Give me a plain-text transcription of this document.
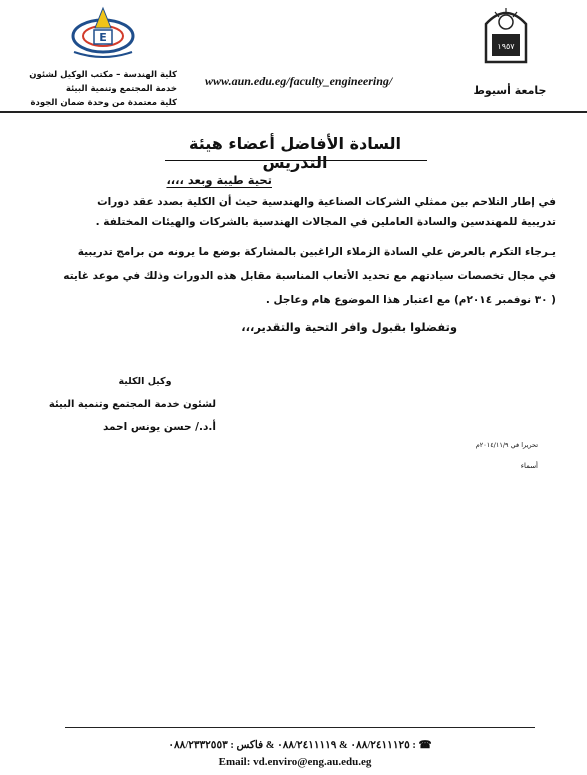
E
١٩٥٧
كلية الهندسة – مكتب الوكيل لشئون
خدمة المجتمع وتنمية البيئة
كلية معتمدة من وحدة ضمان الجودة
www.aun.edu.eg/faculty_engineering/
جامعة أسيوط
السادة الأفاضل أعضاء هيئة التدريس
تحية طيبة وبعد ،،،،
في إطار التلاحم بين ممثلي الشركات الصناعية والهندسية حيث أن الكلية بصدد عقد دورات
تدريبية للمهندسين والسادة العاملين في المجالات الهندسية بالشركات والهيئات المختلفة .
يـرجاء التكرم بالعرض علي السادة الزملاء الراغبين بالمشاركة بوضع ما يرونه من برامج تدريبية
في مجال تخصصات سيادتهم مع تحديد الأتعاب المناسبة مقابل هذه الدورات وذلك في موعد غايته
( ٣٠ نوفمبر ٢٠١٤م) مع اعتبار هذا الموضوع هام وعاجل .
وتفضلوا بقبول وافر التحية والتقدير،،،
وكيل الكلية
لشئون خدمة المجتمع وتنمية البيئة
أ.د./ حسن يونس احمد
تحريرا في ٢٠١٤/١١/٩م
أسماء
☎ : ٠٨٨/٢٤١١١٢٥ & ٠٨٨/٢٤١١١١٩ & فاكس : ٠٨٨/٢٣٣٢٥٥٣
Email: vd.enviro@eng.au.edu.eg
